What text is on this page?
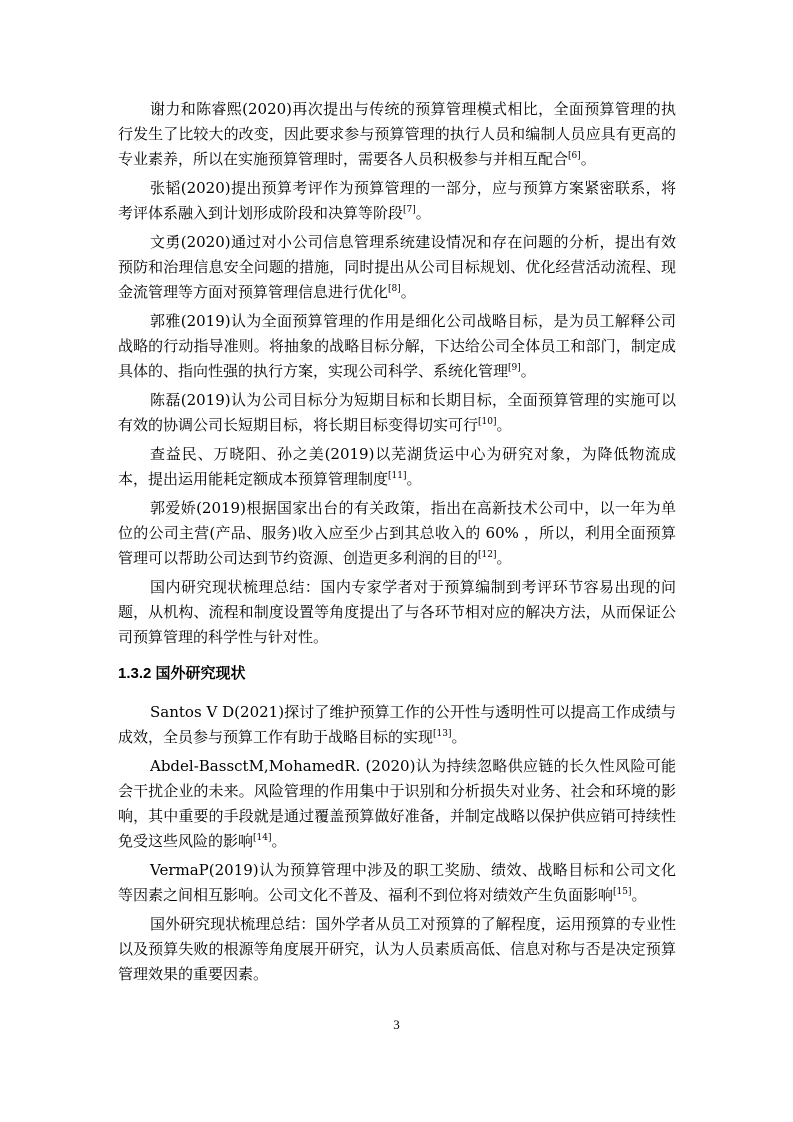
谢力和陈睿熙(2020)再次提出与传统的预算管理模式相比，全面预算管理的执行发生了比较大的改变，因此要求参与预算管理的执行人员和编制人员应具有更高的专业素养，所以在实施预算管理时，需要各人员积极参与并相互配合[6]。

张韬(2020)提出预算考评作为预算管理的一部分，应与预算方案紧密联系，将考评体系融入到计划形成阶段和决算等阶段[7]。

文勇(2020)通过对小公司信息管理系统建设情况和存在问题的分析，提出有效预防和治理信息安全问题的措施，同时提出从公司目标规划、优化经营活动流程、现金流管理等方面对预算管理信息进行优化[8]。

郭雅(2019)认为全面预算管理的作用是细化公司战略目标，是为员工解释公司战略的行动指导准则。将抽象的战略目标分解，下达给公司全体员工和部门，制定成具体的、指向性强的执行方案，实现公司科学、系统化管理[9]。

陈磊(2019)认为公司目标分为短期目标和长期目标，全面预算管理的实施可以有效的协调公司长短期目标，将长期目标变得切实可行[10]。

查益民、万晓阳、孙之美(2019)以芜湖货运中心为研究对象，为降低物流成本，提出运用能耗定额成本预算管理制度[11]。

郭爱娇(2019)根据国家出台的有关政策，指出在高新技术公司中，以一年为单位的公司主营(产品、服务)收入应至少占到其总收入的 60% ，所以，利用全面预算管理可以帮助公司达到节约资源、创造更多利润的目的[12]。

国内研究现状梳理总结：国内专家学者对于预算编制到考评环节容易出现的问 题，从机构、流程和制度设置等角度提出了与各环节相对应的解决方法，从而保证公司预算管理的科学性与针对性。

1.3.2 国外研究现状

Santos V D(2021)探讨了维护预算工作的公开性与透明性可以提高工作成绩与成效，全员参与预算工作有助于战略目标的实现[13]。

Abdel-BassctM,MohamedR. (2020)认为持续忽略供应链的长久性风险可能会干扰企业的未来。风险管理的作用集中于识别和分析损失对业务、社会和环境的影响，其中重要的手段就是通过覆盖预算做好准备，并制定战略以保护供应销可持续性免受这些风险的影响[14]。

VermaP(2019)认为预算管理中涉及的职工奖励、绩效、战略目标和公司文化等因素之间相互影响。公司文化不普及、福利不到位将对绩效产生负面影响[15]。

国外研究现状梳理总结：国外学者从员工对预算的了解程度，运用预算的专业性以及预算失败的根源等角度展开研究，认为人员素质高低、信息对称与否是决定预算管理效果的重要因素。

3
